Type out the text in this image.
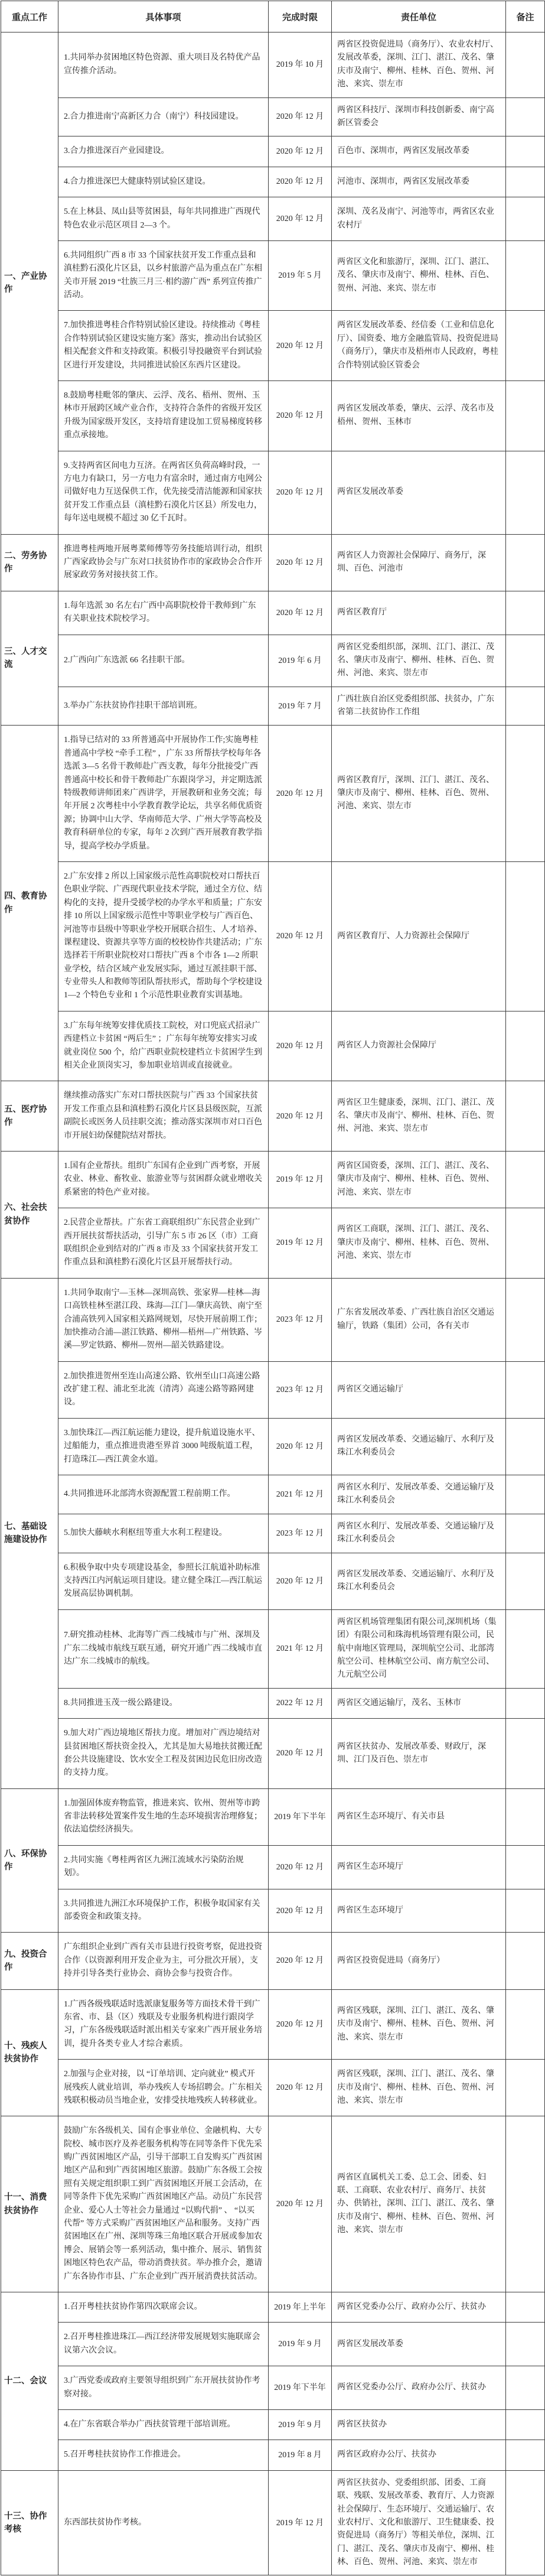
重点工作	具体事项	完成时限	责任单位	备注
一、产业协作	1.共同举办贫困地区特色资源、重大项目及名特优产品宣传推介活动。	2019 年 10 月	两省区投资促进局（商务厅）、农业农村厅、发展改革委，深圳、江门、湛江、茂名、肇庆市及南宁、柳州、桂林、百色、贺州、河池、来宾、崇左市	
	2.合力推进南宁高新区力合（南宁）科技园建设。	2020 年 12 月	两省区科技厅、深圳市科技创新委、南宁高新区管委会	
	3.合力推进深百产业园建设。	2020 年 12 月	百色市、深圳市，两省区发展改革委	
	4.合力推进深巴大健康特别试验区建设。	2020 年 12 月	河池市、深圳市，两省区发展改革委	
	5.在上林县、凤山县等贫困县，每年共同推进广西现代特色农业示范区项目 2—3 个。	2020 年 12 月	深圳、茂名及南宁、河池等市，两省区农业农村厅	
	6.共同组织广西 8 市 33 个国家扶贫开发工作重点县和滇桂黔石漠化片区县，以乡村旅游产品为重点在广东相关市开展 2019 “壮族三月三·相约游广西” 系列宣传推广活动。	2019 年 5 月	两省区文化和旅游厅，深圳、江门、湛江、茂名、肇庆市及南宁、柳州、桂林、百色、贺州、河池、来宾、崇左市	
	7.加快推进粤桂合作特别试验区建设。持续推动《粤桂合作特别试验区建设实施方案》落实，推动出台试验区相关配套文件和支持政策。积极引导投融资平台到试验区进行开发建设，共同推进试验区东西片区建设。	2020 年 12 月	两省区发展改革委、经信委（工业和信息化厅）、国资委、地方金融监管局、投资促进局（商务厅），肇庆市及梧州市人民政府，粤桂合作特别试验区管委会	
	8.鼓励粤桂毗邻的肇庆、云浮、茂名、梧州、贺州、玉林市开展跨区域产业合作，支持符合条件的省级开发区升级为国家级开发区，支持培育建设加工贸易梯度转移重点承接地。	2020 年 12 月	两省区发展改革委，肇庆、云浮、茂名市及梧州、贺州、玉林市	
	9.支持两省区间电力互济。在两省区负荷高峰时段，一方电力有缺口，另一方电力有富余时，通过南方电网公司做好电力互送保供工作，优先接受清洁能源和国家扶贫开发工作重点县（滇桂黔石漠化片区县）所发电力，每年送电规模不超过 30 亿千瓦时。	2020 年 12 月	两省区发展改革委	
二、劳务协作	推进粤桂两地开展粤菜师傅等劳务技能培训行动，组织广西家政协会与广东对口扶贫协作市的家政协会合作开展家政劳务对接扶贫工作。	2020 年 12 月	两省区人力资源社会保障厅、商务厅，深圳、百色、河池市	
三、人才交流	1.每年选派 30 名左右广西中高职院校骨干教师到广东有关职业技术院校学习。	2020 年 12 月	两省区教育厅	
	2.广西向广东选派 66 名挂职干部。	2019 年 6 月	两省区党委组织部，深圳、江门、湛江、茂名、肇庆市及南宁、柳州、桂林、百色、贺州、河池、来宾、崇左市	
	3.举办广东扶贫协作挂职干部培训班。	2019 年 7 月	广西壮族自治区党委组织部、扶贫办，广东省第二扶贫协作工作组	
四、教育协作	1.指导已结对的 33 所普通高中开展协作工作;实施粤桂普通高中学校 “牵手工程” ，广东 33 所帮扶学校每年各选派 3—5 名骨干教师赴广西支教，每年分批接受广西普通高中校长和骨干教师赴广东跟岗学习，并定期选派特级教师讲师团来广西讲学，开展教研和业务交流；每年开展 2 次粤桂中小学教育教学论坛，共享名师优质资源；协调中山大学、华南师范大学、广州大学等高校及教育科研单位的专家，每年 2 次到广西开展教育教学指导，提高学校办学质量。	2020 年 12 月	两省区教育厅，深圳、江门、湛江、茂名、肇庆市及南宁、柳州、桂林、百色、贺州、河池、来宾、崇左市	
	2.广东安排 2 所以上国家级示范性高职院校对口帮扶百色职业学院、广西现代职业技术学院，通过全方位、结构化的支持，提升受援学校的办学水平和质量；广东安排 10 所以上国家级示范性中等职业学校与广西百色、河池等市县级中等职业学校开展联合招生、人才培养、课程建设、资源共享等方面的校校协作共建活动；广东选择若干所职业院校对口帮扶广西 8 个市各 1—2 所职业学校，结合区域产业发展实际，通过互派挂职干部、专业带头人和教师等团队帮扶形式，帮助每个学校建设 1—2 个特色专业和 1 个示范性职业教育实训基地。	2020 年 12 月	两省区教育厅、人力资源社会保障厅	
	3.广东每年统筹安排优质技工院校，对口兜底式招录广西建档立卡贫困 “两后生” ；广东每年统筹安排实习或就业岗位 500 个，给广西职业院校建档立卡贫困学生到相关企业顶岗实习，参加职业培训或直接就业。	2020 年 12 月	两省区人力资源社会保障厅	
五、医疗协作	继续推动落实广东对口帮扶医院与广西 33 个国家扶贫开发工作重点县和滇桂黔石漠化片区县县级医院，互派副院长或医务人员挂职交流；推动落实深圳市对口百色市开展妇幼保健院结对帮扶。	2020 年 12 月	两省区卫生健康委，深圳、江门、湛江、茂名、肇庆市及南宁、柳州、桂林、百色、贺州、河池、来宾、崇左市	
六、社会扶贫协作	1.国有企业帮扶。组织广东国有企业到广西考察，开展农业、林业、畜牧业、旅游业等与贫困群众就业增收关系紧密的特色产业对接。	2019 年 12 月	两省区国资委，深圳、江门、湛江、茂名、肇庆市及南宁、柳州、桂林、百色、贺州、河池、来宾、崇左市	
	2.民营企业帮扶。广东省工商联组织广东民营企业到广西开展扶贫帮扶活动，引导广东 5 市 26 区（市）工商联组织企业到结对的广西 8 市及 33 个国家扶贫开发工作重点县和滇桂黔石漠化片区县开展帮扶行动。	2019 年 12 月	两省区工商联，深圳、江门、湛江、茂名、肇庆市及南宁、柳州、桂林、百色、贺州、河池、来宾、崇左市	
七、基础设施建设协作	1.共同争取南宁—玉林—深圳高铁、张家界—桂林—海口高铁桂林至湛江段、珠海—江门—肇庆高铁、南宁至合浦高铁列入国家相关路网规划，尽快开展前期工作；加快推动合浦—湛江铁路、柳州—梧州—广州铁路、岑溪—罗定铁路、柳州—贺州—韶关铁路建设。	2023 年 12 月	广东省发展改革委、广西壮族自治区交通运输厅，铁路（集团）公司，各有关市	
	2.加快推进贺州至连山高速公路、钦州至山口高速公路改扩建工程、浦北至北流（清湾）高速公路等路网建设。	2023 年 12 月	两省区交通运输厅	
	3.加快珠江—西江航运能力建设，提升航道设施水平、过船能力，重点推进贵港至界首 3000 吨级航道工程，打造珠江—西江黄金水道。	2020 年 12 月	两省区发展改革委、交通运输厅、水利厅及珠江水利委员会	
	4.共同推进环北部湾水资源配置工程前期工作。	2021 年 12 月	两省区水利厅、发展改革委、交通运输厅及珠江水利委员会	
	5.加快大藤峡水利枢纽等重大水利工程建设。	2023 年 12 月	两省区水利厅、发展改革委、交通运输厅及珠江水利委员会	
	6.积极争取中央专项建设基金，参照长江航道补助标准支持西江内河航运项目建设。建立健全珠江—西江航运发展高层协调机制。	2020 年 12 月	两省区发展改革委、交通运输厅、水利厅及珠江水利委员会	
	7.研究推动桂林、北海等广西二线城市与广州、深圳及广东二线城市航线互联互通，研究开通广西二线城市直达广东二线城市的航线。	2021 年 12 月	两省区机场管理集团有限公司,深圳机场（集团）有限公司和珠海机场管理有限公司，民航中南地区管理局，深圳航空公司、北部湾航空公司、桂林航空公司、南方航空公司、九元航空公司	
	8.共同推进玉茂一级公路建设。	2022 年 12 月	两省区交通运输厅，茂名、玉林市	
	9.加大对广西边境地区帮扶力度。增加对广西边境结对县贫困地区帮扶资金投入，尤其是加大易地扶贫搬迁配套公共设施建设、饮水安全工程及贫困边民危旧房改造的支持力度。	2020 年 12 月	两省区扶贫办、发展改革委、财政厅，深圳、江门及百色、崇左市	
八、环保协作	1.加强固体废弃物监管，推进来宾、钦州、贺州等市跨省非法转移处置案件发生地的生态环境损害治理修复；依法追偿经济损失。	2019 年下半年	两省区生态环境厅、有关市县	
	2.共同实施《粤桂两省区九洲江流域水污染防治规划》。	2020 年 12 月	两省区生态环境厅	
	3.共同推进九洲江水环境保护工作，积极争取国家有关部委资金和政策支持。	2020 年 12 月	两省区生态环境厅	
九、投资合作	广东组织企业到广西有关市县进行投资考察，促进投资合作（以资源利用开发企业为主，可分批次开展），支持并引导各类行业协会、商协会参与投资合作。	2020 年 12 月	两省区投资促进局（商务厅）	
十、残疾人扶贫协作	1.广西各级残联适时选派康复服务等方面技术骨干到广东省、市、县（区）残联及专业服务机构进行跟岗学习，广东各级残联适时派出相关专家来广西开展业务培训，提升各类专业人才综合素质。	2020 年 12 月	两省区残联，深圳、江门、湛江、茂名、肇庆市及南宁、柳州、桂林、百色、贺州、河池、来宾、崇左市	
	2.加强与企业对接，以 “订单培训、定向就业” 模式开展残疾人就业培训，举办残疾人专场招聘会。广东相关残联积极动员当地企业，安排受扶地残疾人转移就业。	2020 年 12 月	两省区残联，深圳、江门、湛江、茂名、肇庆市及南宁、柳州、桂林、百色、贺州、河池、来宾、崇左市	
十一、消费扶贫协作	鼓励广东各级机关、国有企事业单位、金融机构、大专院校、城市医疗及养老服务机构等在同等条件下优先采购广西贫困地区产品，引导干部职工自发购买广西贫困地区产品和到广西贫困地区旅游。鼓励广东各级工会按照有关规定组织职工到广西贫困地区开展工会活动，在同等条件下优先采购广西贫困地区产品。动员广东民营企业、爱心人士等社会力量通过 “以购代捐” 、 “以买代帮” 等方式采购广西贫困地区产品和服务。支持广西贫困地区在广州、深圳等珠三角地区联合开展或参加农博会、展销会等一系列活动，集中推介、展示、销售贫困地区特色农产品，带动消费扶贫。举办推介会，邀请广东各协作市县、广东企业到广西开展消费扶贫活动。	2020 年 12 月	两省区直属机关工委、总工会、团委、妇联、工商联、农业农村厅、商务厅、扶贫办、供销社，深圳、江门、湛江、茂名、肇庆市及南宁、柳州、桂林、百色、贺州、河池、来宾、崇左市	
十二、会议	1.召开粤桂扶贫协作第四次联席会议。	2019 年上半年	两省区党委办公厅、政府办公厅、扶贫办	
	2.召开粤桂推进珠江—西江经济带发展规划实施联席会议第六次会议。	2019 年 9 月	两省区发展改革委	
	3.广西党委或政府主要领导组织到广东开展扶贫协作考察对接。	2019 年下半年	两省区党委办公厅、政府办公厅、扶贫办	
	4.在广东省联合举办广西扶贫管理干部培训班。	2019 年 9 月	两省区扶贫办	
	5.召开粤桂扶贫协作工作推进会。	2019 年 8 月	两省区政府办公厅、扶贫办	
十三、协作考核	东西部扶贫协作考核。	2019 年 12 月	两省区扶贫办、党委组织部、团委、工商联、残联、发展改革委、教育厅、人力资源社会保障厅、生态环境厅、交通运输厅、农业农村厅、文化和旅游厅、卫生健康委、投资促进局（商务厅）等相关单位，深圳、江门、湛江、茂名、肇庆市及南宁、柳州、桂林、百色、贺州、河池、来宾、崇左市	
